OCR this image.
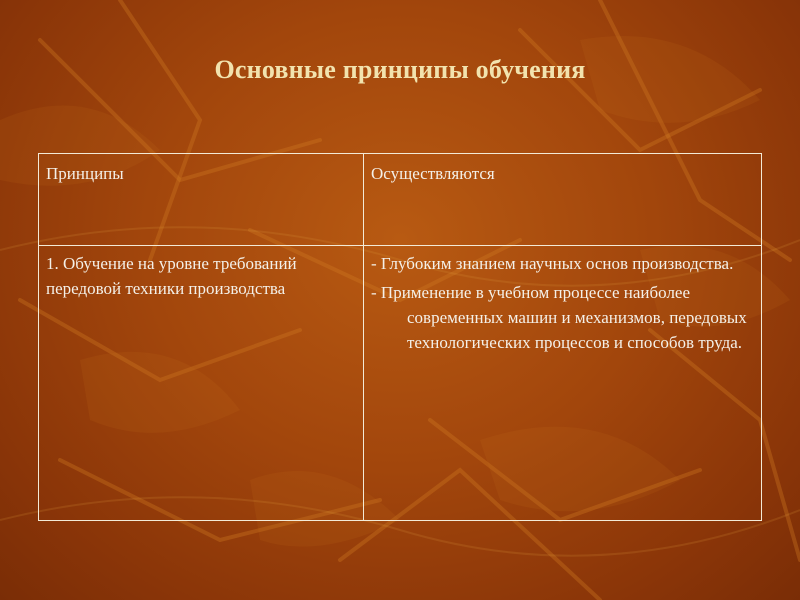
Основные принципы обучения
Принципы	Осуществляются
1. Обучение на уровне требований передовой техники производства
- Глубоким знанием научных основ производства.
- Применение в учебном процессе наиболее современных машин и механизмов, передовых технологических процессов и способов труда.
